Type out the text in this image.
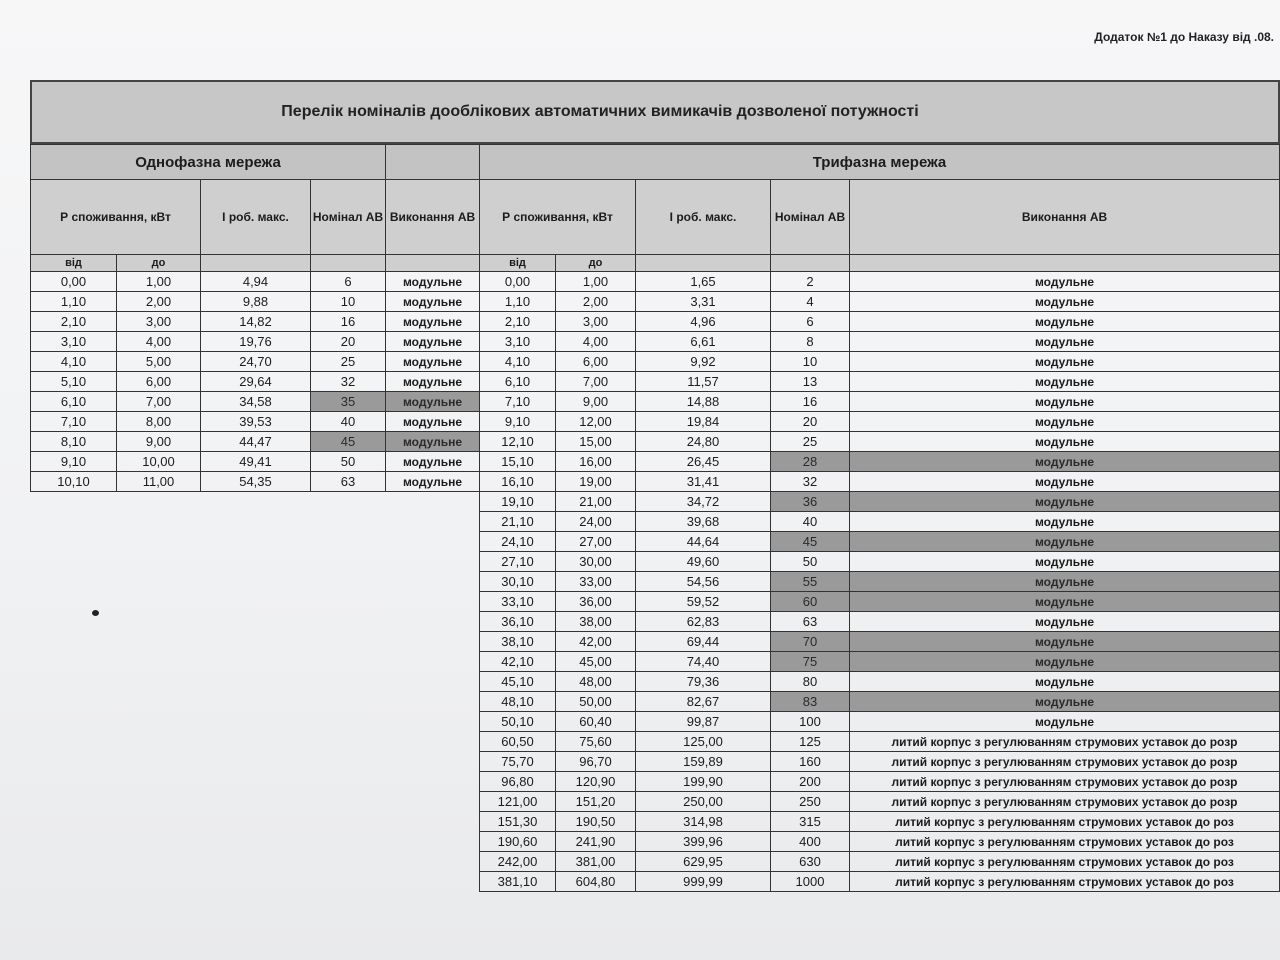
Додаток №1 до Наказу від .08.
Перелік номіналів дооблікових автоматичних вимикачів дозволеної потужності
Однофазна мережа				
Р споживання, кВт		І роб. макс.	Номінал АВ	Виконання АВ
від	до			
0,00	1,00	4,94	6	модульне
1,10	2,00	9,88	10	модульне
2,10	3,00	14,82	16	модульне
3,10	4,00	19,76	20	модульне
4,10	5,00	24,70	25	модульне
5,10	6,00	29,64	32	модульне
6,10	7,00	34,58	35	модульне
7,10	8,00	39,53	40	модульне
8,10	9,00	44,47	45	модульне
9,10	10,00	49,41	50	модульне
10,10	11,00	54,35	63	модульне
Трифазна мережа				
Р споживання, кВт		І роб. макс.	Номінал АВ	Виконання АВ
від	до			
0,00	1,00	1,65	2	модульне
1,10	2,00	3,31	4	модульне
2,10	3,00	4,96	6	модульне
3,10	4,00	6,61	8	модульне
4,10	6,00	9,92	10	модульне
6,10	7,00	11,57	13	модульне
7,10	9,00	14,88	16	модульне
9,10	12,00	19,84	20	модульне
12,10	15,00	24,80	25	модульне
15,10	16,00	26,45	28	модульне
16,10	19,00	31,41	32	модульне
19,10	21,00	34,72	36	модульне
21,10	24,00	39,68	40	модульне
24,10	27,00	44,64	45	модульне
27,10	30,00	49,60	50	модульне
30,10	33,00	54,56	55	модульне
33,10	36,00	59,52	60	модульне
36,10	38,00	62,83	63	модульне
38,10	42,00	69,44	70	модульне
42,10	45,00	74,40	75	модульне
45,10	48,00	79,36	80	модульне
48,10	50,00	82,67	83	модульне
50,10	60,40	99,87	100	модульне
60,50	75,60	125,00	125	литий корпус з регулюванням струмових уставок до розр
75,70	96,70	159,89	160	литий корпус з регулюванням струмових уставок до розр
96,80	120,90	199,90	200	литий корпус з регулюванням струмових уставок до розр
121,00	151,20	250,00	250	литий корпус з регулюванням струмових уставок до розр
151,30	190,50	314,98	315	литий корпус з регулюванням струмових уставок до роз
190,60	241,90	399,96	400	литий корпус з регулюванням струмових уставок до роз
242,00	381,00	629,95	630	литий корпус з регулюванням струмових уставок до роз
381,10	604,80	999,99	1000	литий корпус з регулюванням струмових уставок до роз
